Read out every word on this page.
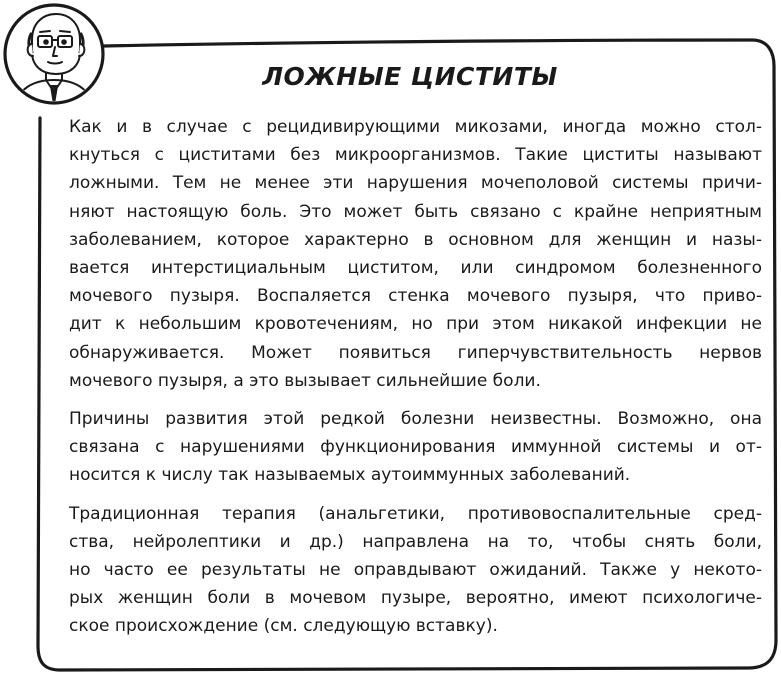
ЛОЖНЫЕ ЦИСТИТЫ

Как и в случае с рецидивирующими микозами, иногда можно стол-
кнуться с циститами без микроорганизмов. Такие циститы называют
ложными. Тем не менее эти нарушения мочеполовой системы причи-
няют настоящую боль. Это может быть связано с крайне неприятным
заболеванием, которое характерно в основном для женщин и назы-
вается интерстициальным циститом, или синдромом болезненного
мочевого пузыря. Воспаляется стенка мочевого пузыря, что приво-
дит к небольшим кровотечениям, но при этом никакой инфекции не
обнаруживается. Может появиться гиперчувствительность нервов
мочевого пузыря, а это вызывает сильнейшие боли.

Причины развития этой редкой болезни неизвестны. Возможно, она
связана с нарушениями функционирования иммунной системы и от-
носится к числу так называемых аутоиммунных заболеваний.

Традиционная терапия (анальгетики, противовоспалительные сред-
ства, нейролептики и др.) направлена на то, чтобы снять боли,
но часто ее результаты не оправдывают ожиданий. Также у некото-
рых женщин боли в мочевом пузыре, вероятно, имеют психологиче-
ское происхождение (см. следующую вставку).
